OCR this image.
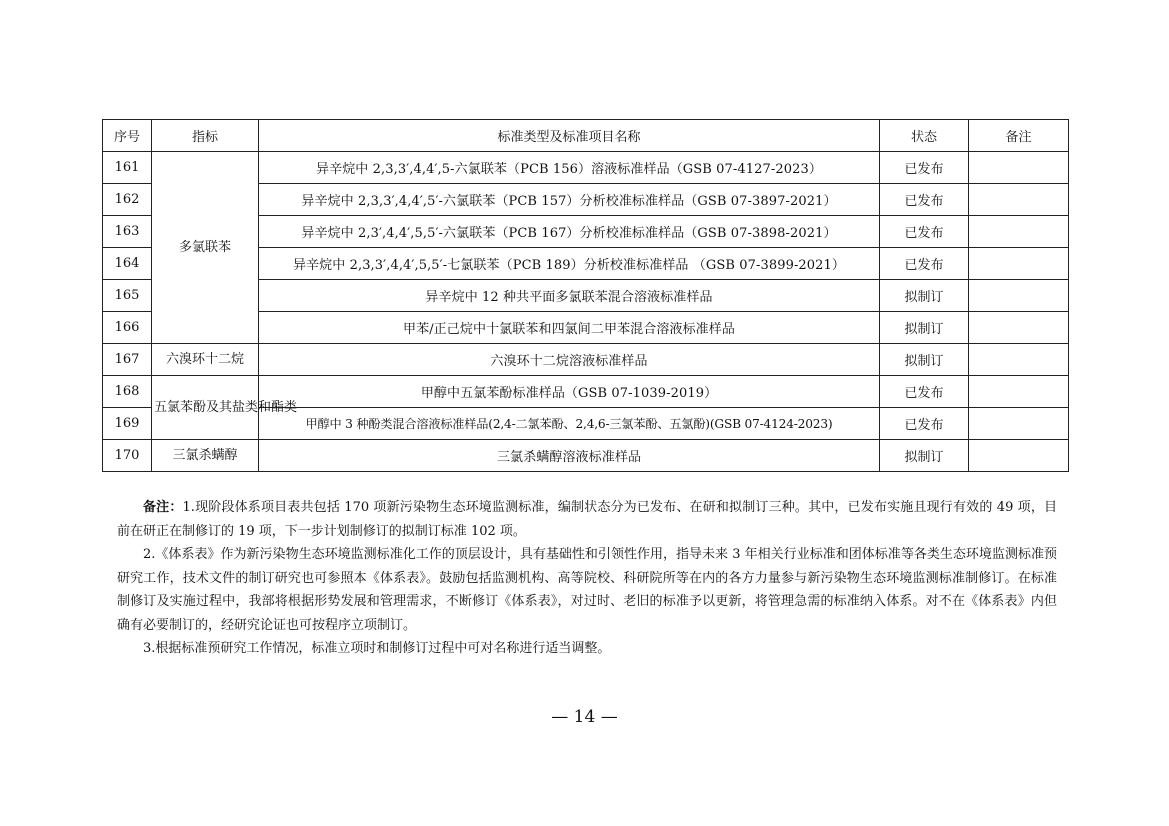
序号	指标	标准类型及标准项目名称	状态	备注
161	多氯联苯	异辛烷中 2,3,3′,4,4′,5-六氯联苯（PCB 156）溶液标准样品（GSB 07-4127-2023）	已发布	
162		异辛烷中 2,3,3′,4,4′,5′-六氯联苯（PCB 157）分析校准标准样品（GSB 07-3897-2021）	已发布	
163		异辛烷中 2,3′,4,4′,5,5′-六氯联苯（PCB 167）分析校准标准样品（GSB 07-3898-2021）	已发布	
164		异辛烷中 2,3,3′,4,4′,5,5′-七氯联苯（PCB 189）分析校准标准样品 （GSB 07-3899-2021）	已发布	
165		异辛烷中 12 种共平面多氯联苯混合溶液标准样品	拟制订	
166		甲苯/正己烷中十氯联苯和四氯间二甲苯混合溶液标准样品	拟制订	
167	六溴环十二烷	六溴环十二烷溶液标准样品	拟制订	
168	五氯苯酚及其盐类和酯类	甲醇中五氯苯酚标准样品（GSB 07-1039-2019）	已发布	
169		甲醇中 3 种酚类混合溶液标准样品(2,4-二氯苯酚、2,4,6-三氯苯酚、五氯酚)(GSB 07-4124-2023)	已发布	
170	三氯杀螨醇	三氯杀螨醇溶液标准样品	拟制订	

备注：1.现阶段体系项目表共包括 170 项新污染物生态环境监测标准，编制状态分为已发布、在研和拟制订三种。其中，已发布实施且现行有效的 49 项，目前在研正在制修订的 19 项，下一步计划制修订的拟制订标准 102 项。

2.《体系表》作为新污染物生态环境监测标准化工作的顶层设计，具有基础性和引领性作用，指导未来 3 年相关行业标准和团体标准等各类生态环境监测标准预研究工作，技术文件的制订研究也可参照本《体系表》。鼓励包括监测机构、高等院校、科研院所等在内的各方力量参与新污染物生态环境监测标准制修订。在标准制修订及实施过程中，我部将根据形势发展和管理需求，不断修订《体系表》，对过时、老旧的标准予以更新，将管理急需的标准纳入体系。对不在《体系表》内但确有必要制订的，经研究论证也可按程序立项制订。

3.根据标准预研究工作情况，标准立项时和制修订过程中可对名称进行适当调整。

— 14 —
